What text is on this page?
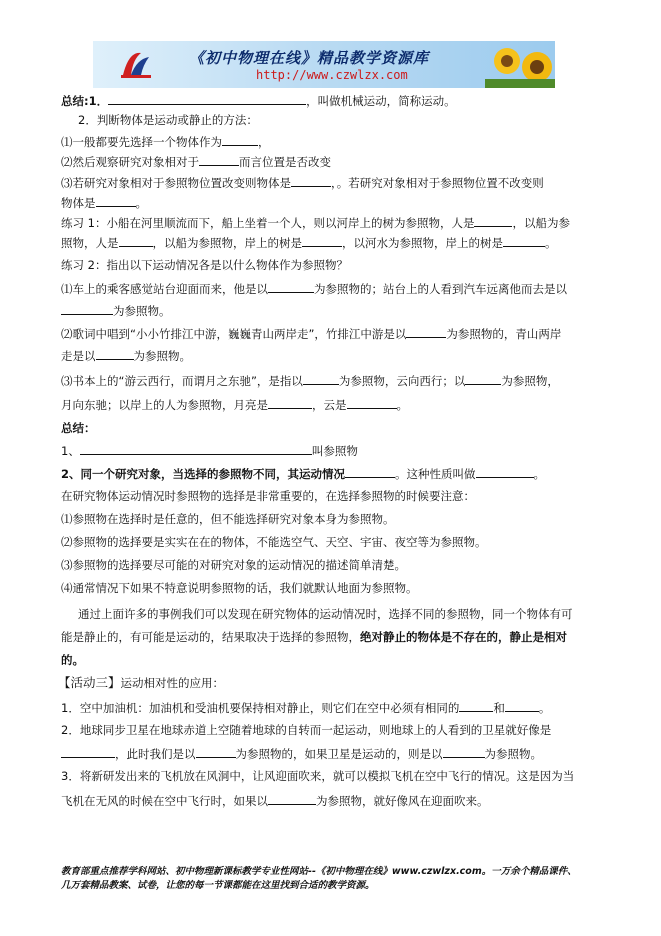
《初中物理在线》精品教学资源库
http://www.czwlzx.com
总结:1．	，叫做机械运动，简称运动。
2．判断物体是运动或静止的方法：
⑴一般都要先选择一个物体作为	，
⑵然后观察研究对象相对于	而言位置是否改变
⑶若研究对象相对于参照物位置改变则物体是	，。若研究对象相对于参照物位置不改变则
物体是	。
练习 1：小船在河里顺流而下，船上坐着一个人，则以河岸上的树为参照物，人是	，以船为参
照物，人是	，以船为参照物，岸上的树是	，以河水为参照物，岸上的树是	。
练习 2：指出以下运动情况各是以什么物体作为参照物？
⑴车上的乘客感觉站台迎面而来，他是以	为参照物的；站台上的人看到汽车远离他而去是以
为参照物。
⑵歌词中唱到“小小竹排江中游，巍巍青山两岸走”，竹排江中游是以	为参照物的，青山两岸
走是以	为参照物。
⑶书本上的“游云西行，而谓月之东驰”，是指以	为参照物，云向西行；以	为参照物，
月向东驰；以岸上的人为参照物，月亮是	，云是	。
总结：
1、	叫参照物
2、同一个研究对象，当选择的参照物不同，其运动情况	。这种性质叫做	。
在研究物体运动情况时参照物的选择是非常重要的，在选择参照物的时候要注意：
⑴参照物在选择时是任意的，但不能选择研究对象本身为参照物。
⑵参照物的选择要是实实在在的物体，不能选空气、天空、宇宙、夜空等为参照物。
⑶参照物的选择要尽可能的对研究对象的运动情况的描述简单清楚。
⑷通常情况下如果不特意说明参照物的话，我们就默认地面为参照物。
通过上面许多的事例我们可以发现在研究物体的运动情况时，选择不同的参照物，同一个物体有可
能是静止的，有可能是运动的，结果取决于选择的参照物，绝对静止的物体是不存在的，静止是相对
的。
【活动三】运动相对性的应用：
1．空中加油机：加油机和受油机要保持相对静止，则它们在空中必须有相同的	和	。
2．地球同步卫星在地球赤道上空随着地球的自转而一起运动，则地球上的人看到的卫星就好像是
，此时我们是以	为参照物的，如果卫星是运动的，则是以	为参照物。
3．将新研发出来的飞机放在风洞中，让风迎面吹来，就可以模拟飞机在空中飞行的情况。这是因为当
飞机在无风的时候在空中飞行时，如果以	为参照物，就好像风在迎面吹来。
教育部重点推荐学科网站、初中物理新课标教学专业性网站--《初中物理在线》www.czwlzx.com。一万余个精品课件、
几万套精品教案、试卷，让您的每一节课都能在这里找到合适的教学资源。
